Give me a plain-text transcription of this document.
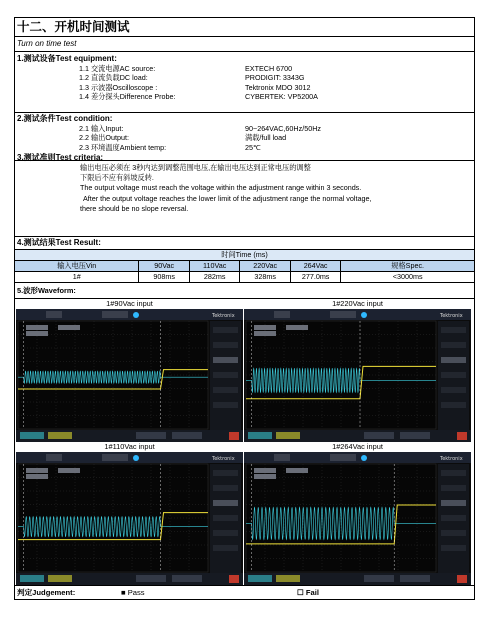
十二、开机时间测试
Turn on time test
1.测试设备Test equipment:
1.1 交流电源AC source:	EXTECH 6700
1.2 直流负载DC load:	PRODIGIT: 3343G
1.3 示波器Oscilloscope :	Tektronix MDO 3012
1.4 差分探头Difference Probe:	CYBERTEK: VP5200A
2.测试条件Test condition:
2.1 输入Input:	90~264VAC,60Hz/50Hz
2.2 输出Output:	满载/full load
2.3 环境温度Ambient temp:	25℃
3.测试准则Test criteria:
输出电压必须在 3秒内达到调整范围电压,在输出电压达到正常电压的调整
下限后不应有斜坡反转.
The output voltage must reach the voltage within the adjustment range within 3 seconds.
After the output voltage reaches the lower limit of the adjustment range the normal voltage,
there should be no slope reversal.
4.测试结果Test Result:
时间Time (ms)					
输入电压Vin	90Vac	110Vac	220Vac	264Vac	规格Spec.
1#	908ms	282ms	328ms	277.0ms	<3000ms
5.波形Waveform:
1#90Vac input
Tektronix
1#220Vac input
Tektronix
1#110Vac input
Tektronix
1#264Vac input
Tektronix
判定Judgement:	■ Pass	☐ Fail
